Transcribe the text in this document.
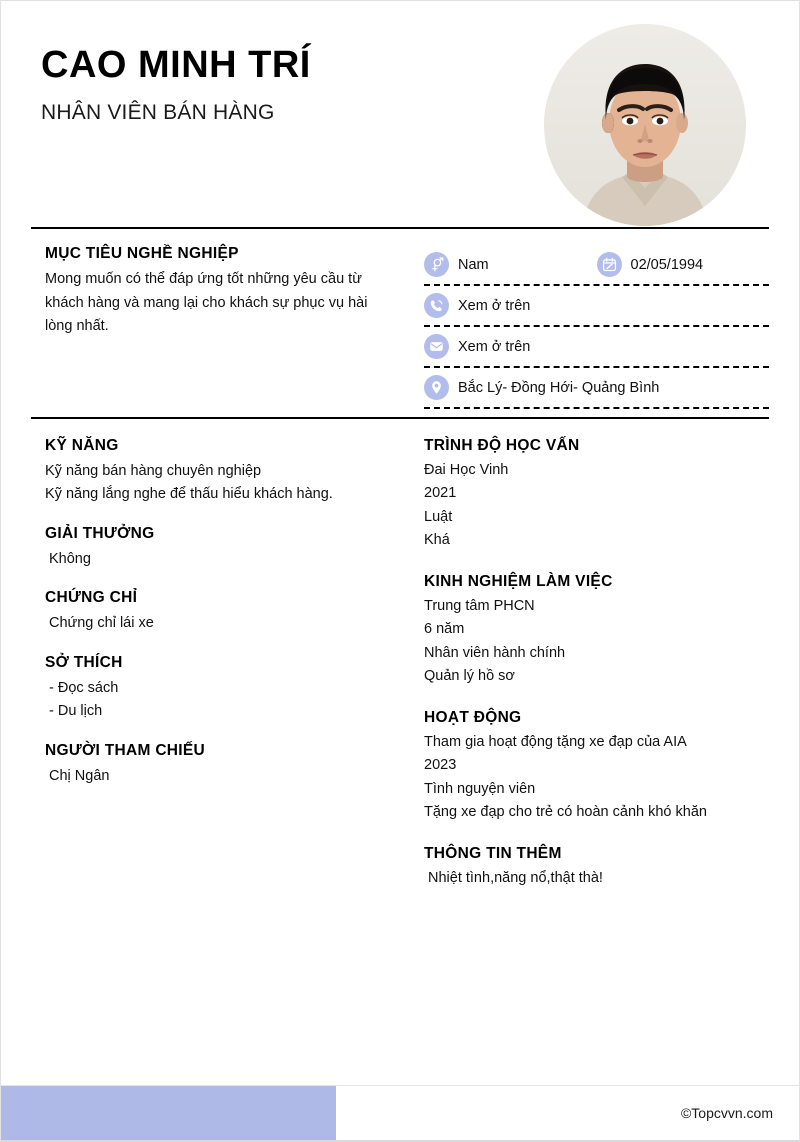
CAO MINH TRÍ
NHÂN VIÊN BÁN HÀNG
MỤC TIÊU NGHỀ NGHIỆP
Mong muốn có thể đáp ứng tốt những yêu cầu từ khách hàng và mang lại cho khách sự phục vụ hài lòng nhất.
Nam	02/05/1994
Xem ở trên
Xem ở trên
Bắc Lý- Đồng Hới- Quảng Bình
KỸ NĂNG
Kỹ năng bán hàng chuyên nghiệp
Kỹ năng lắng nghe để thấu hiểu khách hàng.
GIẢI THƯỞNG
Không
CHỨNG CHỈ
Chứng chỉ lái xe
SỞ THÍCH
- Đọc sách
- Du lịch
NGƯỜI THAM CHIẾU
Chị Ngân
TRÌNH ĐỘ HỌC VẤN
Đai Học Vinh
2021
Luật
Khá
KINH NGHIỆM LÀM VIỆC
Trung tâm PHCN
6 năm
Nhân viên hành chính
Quản lý hồ sơ
HOẠT ĐỘNG
Tham gia hoạt động tặng xe đạp của AIA
2023
Tình nguyện viên
Tặng xe đạp cho trẻ có hoàn cảnh khó khăn
THÔNG TIN THÊM
Nhiệt tình,năng nổ,thật thà!
©Topcvvn.com
